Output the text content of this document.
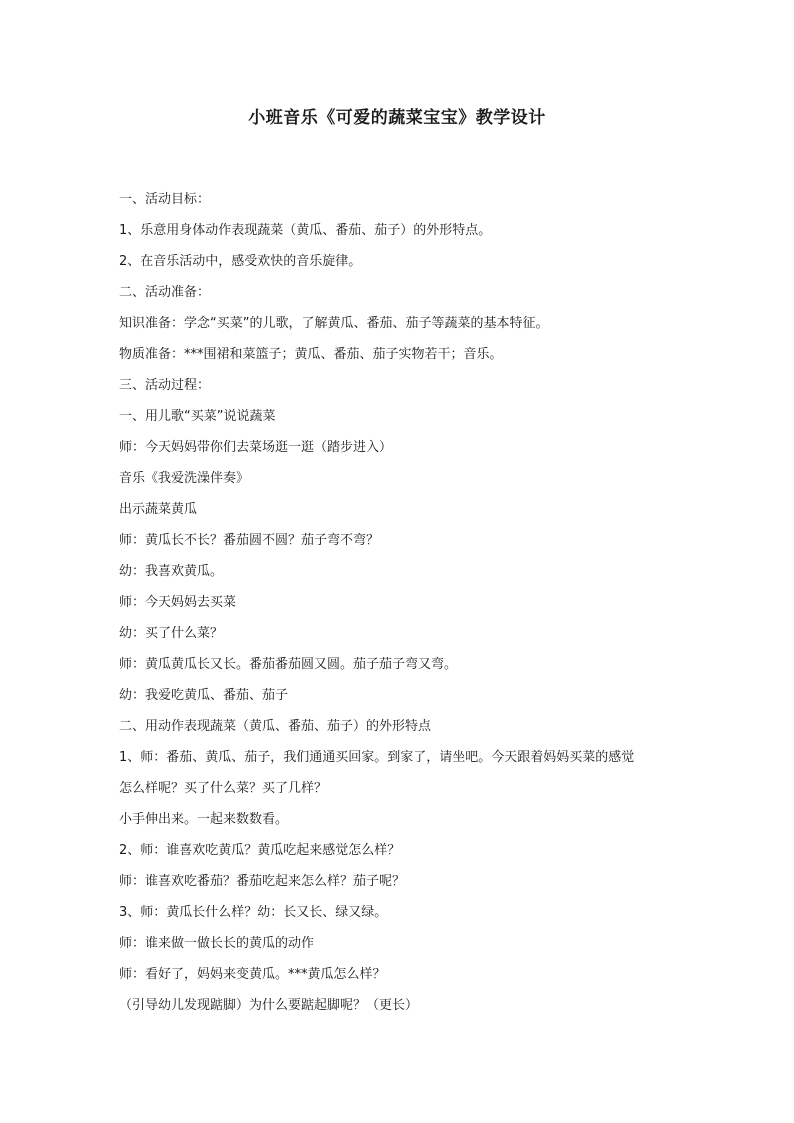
小班音乐《可爱的蔬菜宝宝》教学设计
一、活动目标：
1、乐意用身体动作表现蔬菜（黄瓜、番茄、茄子）的外形特点。
2、在音乐活动中，感受欢快的音乐旋律。
二、活动准备：
知识准备：学念“买菜”的儿歌，了解黄瓜、番茄、茄子等蔬菜的基本特征。
物质准备：***围裙和菜篮子；黄瓜、番茄、茄子实物若干；音乐。
三、活动过程：
一、用儿歌“买菜”说说蔬菜
师：今天妈妈带你们去菜场逛一逛（踏步进入）
音乐《我爱洗澡伴奏》
出示蔬菜黄瓜
师：黄瓜长不长？番茄圆不圆？茄子弯不弯？
幼：我喜欢黄瓜。
师：今天妈妈去买菜
幼：买了什么菜？
师：黄瓜黄瓜长又长。番茄番茄圆又圆。茄子茄子弯又弯。
幼：我爱吃黄瓜、番茄、茄子
二、用动作表现蔬菜（黄瓜、番茄、茄子）的外形特点
1、师：番茄、黄瓜、茄子，我们通通买回家。到家了，请坐吧。今天跟着妈妈买菜的感觉
怎么样呢？买了什么菜？买了几样？
小手伸出来。一起来数数看。
2、师：谁喜欢吃黄瓜？黄瓜吃起来感觉怎么样？
师：谁喜欢吃番茄？番茄吃起来怎么样？茄子呢？
3、师：黄瓜长什么样？幼：长又长、绿又绿。
师：谁来做一做长长的黄瓜的动作
师：看好了，妈妈来变黄瓜。***黄瓜怎么样？
（引导幼儿发现踮脚）为什么要踮起脚呢？（更长）
